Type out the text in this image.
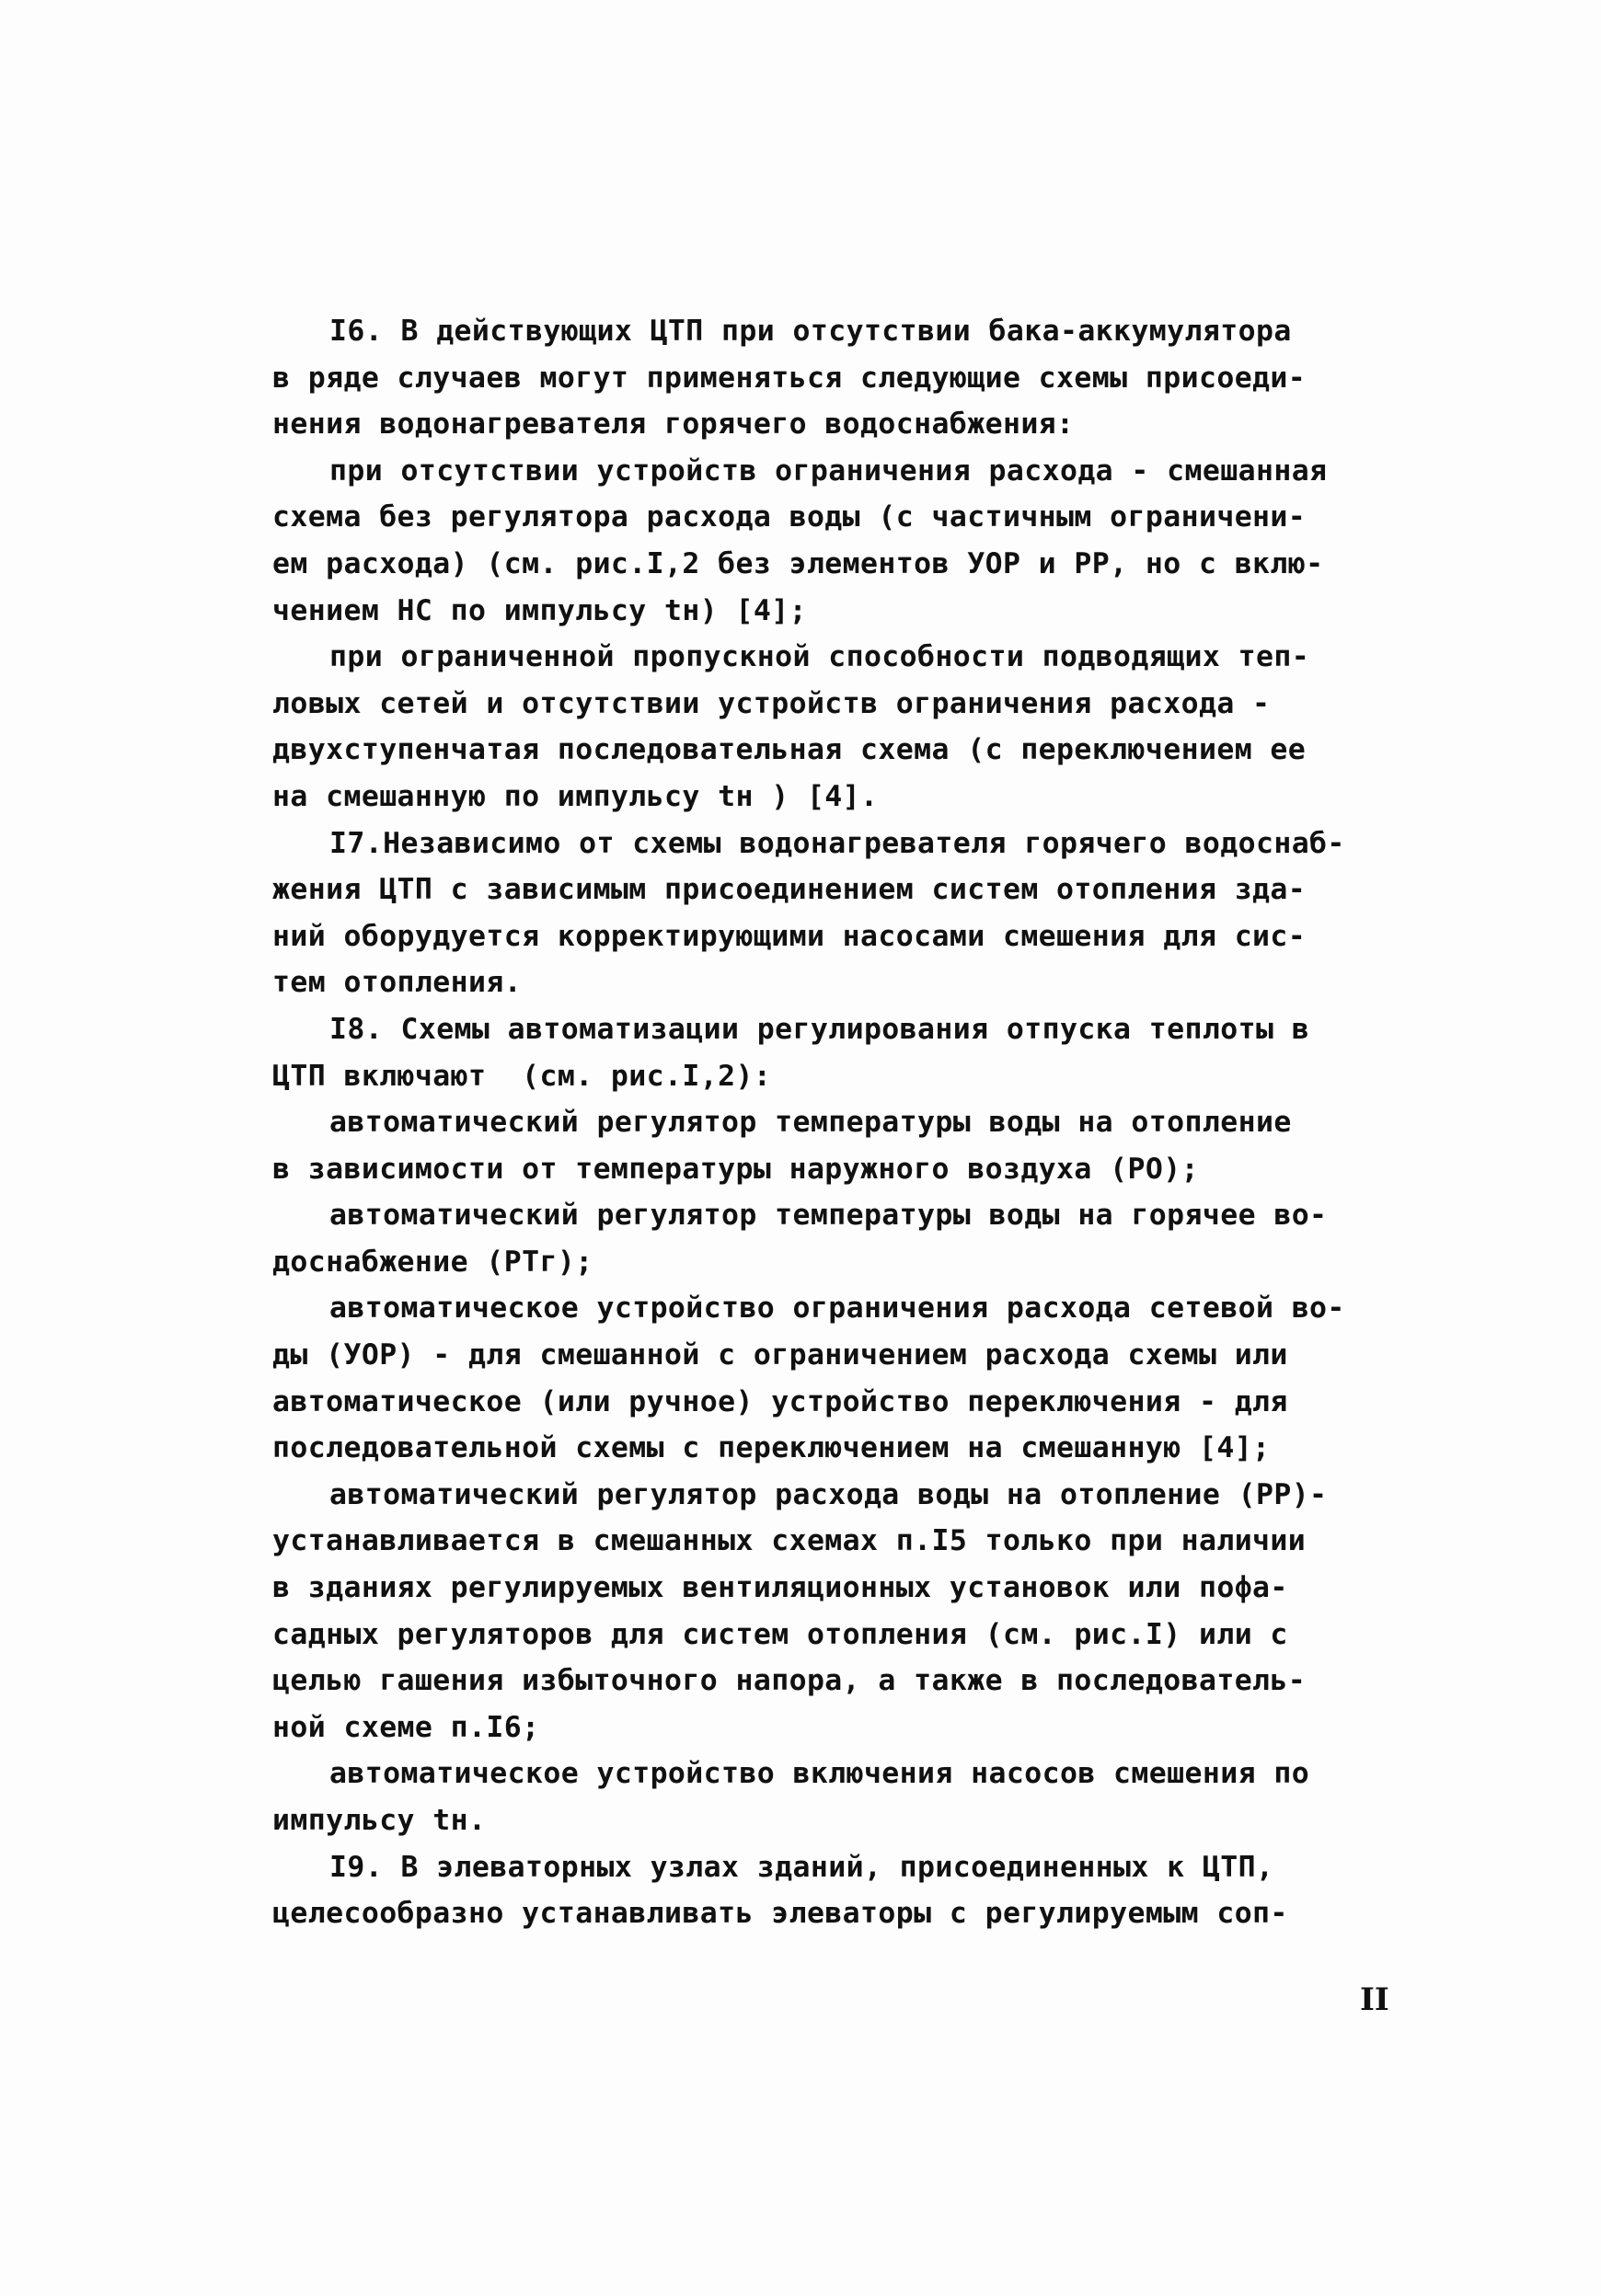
I6. В действующих ЦТП при отсутствии бака-аккумулятора
в ряде случаев могут применяться следующие схемы присоеди-
нения водонагревателя горячего водоснабжения:
при отсутствии устройств ограничения расхода - смешанная
схема без регулятора расхода воды (с частичным ограничени-
ем расхода) (см. рис.I,2 без элементов УОР и РР, но с вклю-
чением НС по импульсу tн) [4];
при ограниченной пропускной способности подводящих теп-
ловых сетей и отсутствии устройств ограничения расхода -
двухступенчатая последовательная схема (с переключением ее
на смешанную по импульсу tн ) [4].
I7.Независимо от схемы водонагревателя горячего водоснаб-
жения ЦТП с зависимым присоединением систем отопления зда-
ний оборудуется корректирующими насосами смешения для сис-
тем отопления.
I8. Схемы автоматизации регулирования отпуска теплоты в
ЦТП включают  (см. рис.I,2):
автоматический регулятор температуры воды на отопление
в зависимости от температуры наружного воздуха (РО);
автоматический регулятор температуры воды на горячее во-
доснабжение (РТг);
автоматическое устройство ограничения расхода сетевой во-
ды (УОР) - для смешанной с ограничением расхода схемы или
автоматическое (или ручное) устройство переключения - для
последовательной схемы с переключением на смешанную [4];
автоматический регулятор расхода воды на отопление (РР)-
устанавливается в смешанных схемах п.I5 только при наличии
в зданиях регулируемых вентиляционных установок или пофа-
садных регуляторов для систем отопления (см. рис.I) или с
целью гашения избыточного напора, а также в последователь-
ной схеме п.I6;
автоматическое устройство включения насосов смешения по
импульсу tн.
I9. В элеваторных узлах зданий, присоединенных к ЦТП,
целесообразно устанавливать элеваторы с регулируемым соп-
II
